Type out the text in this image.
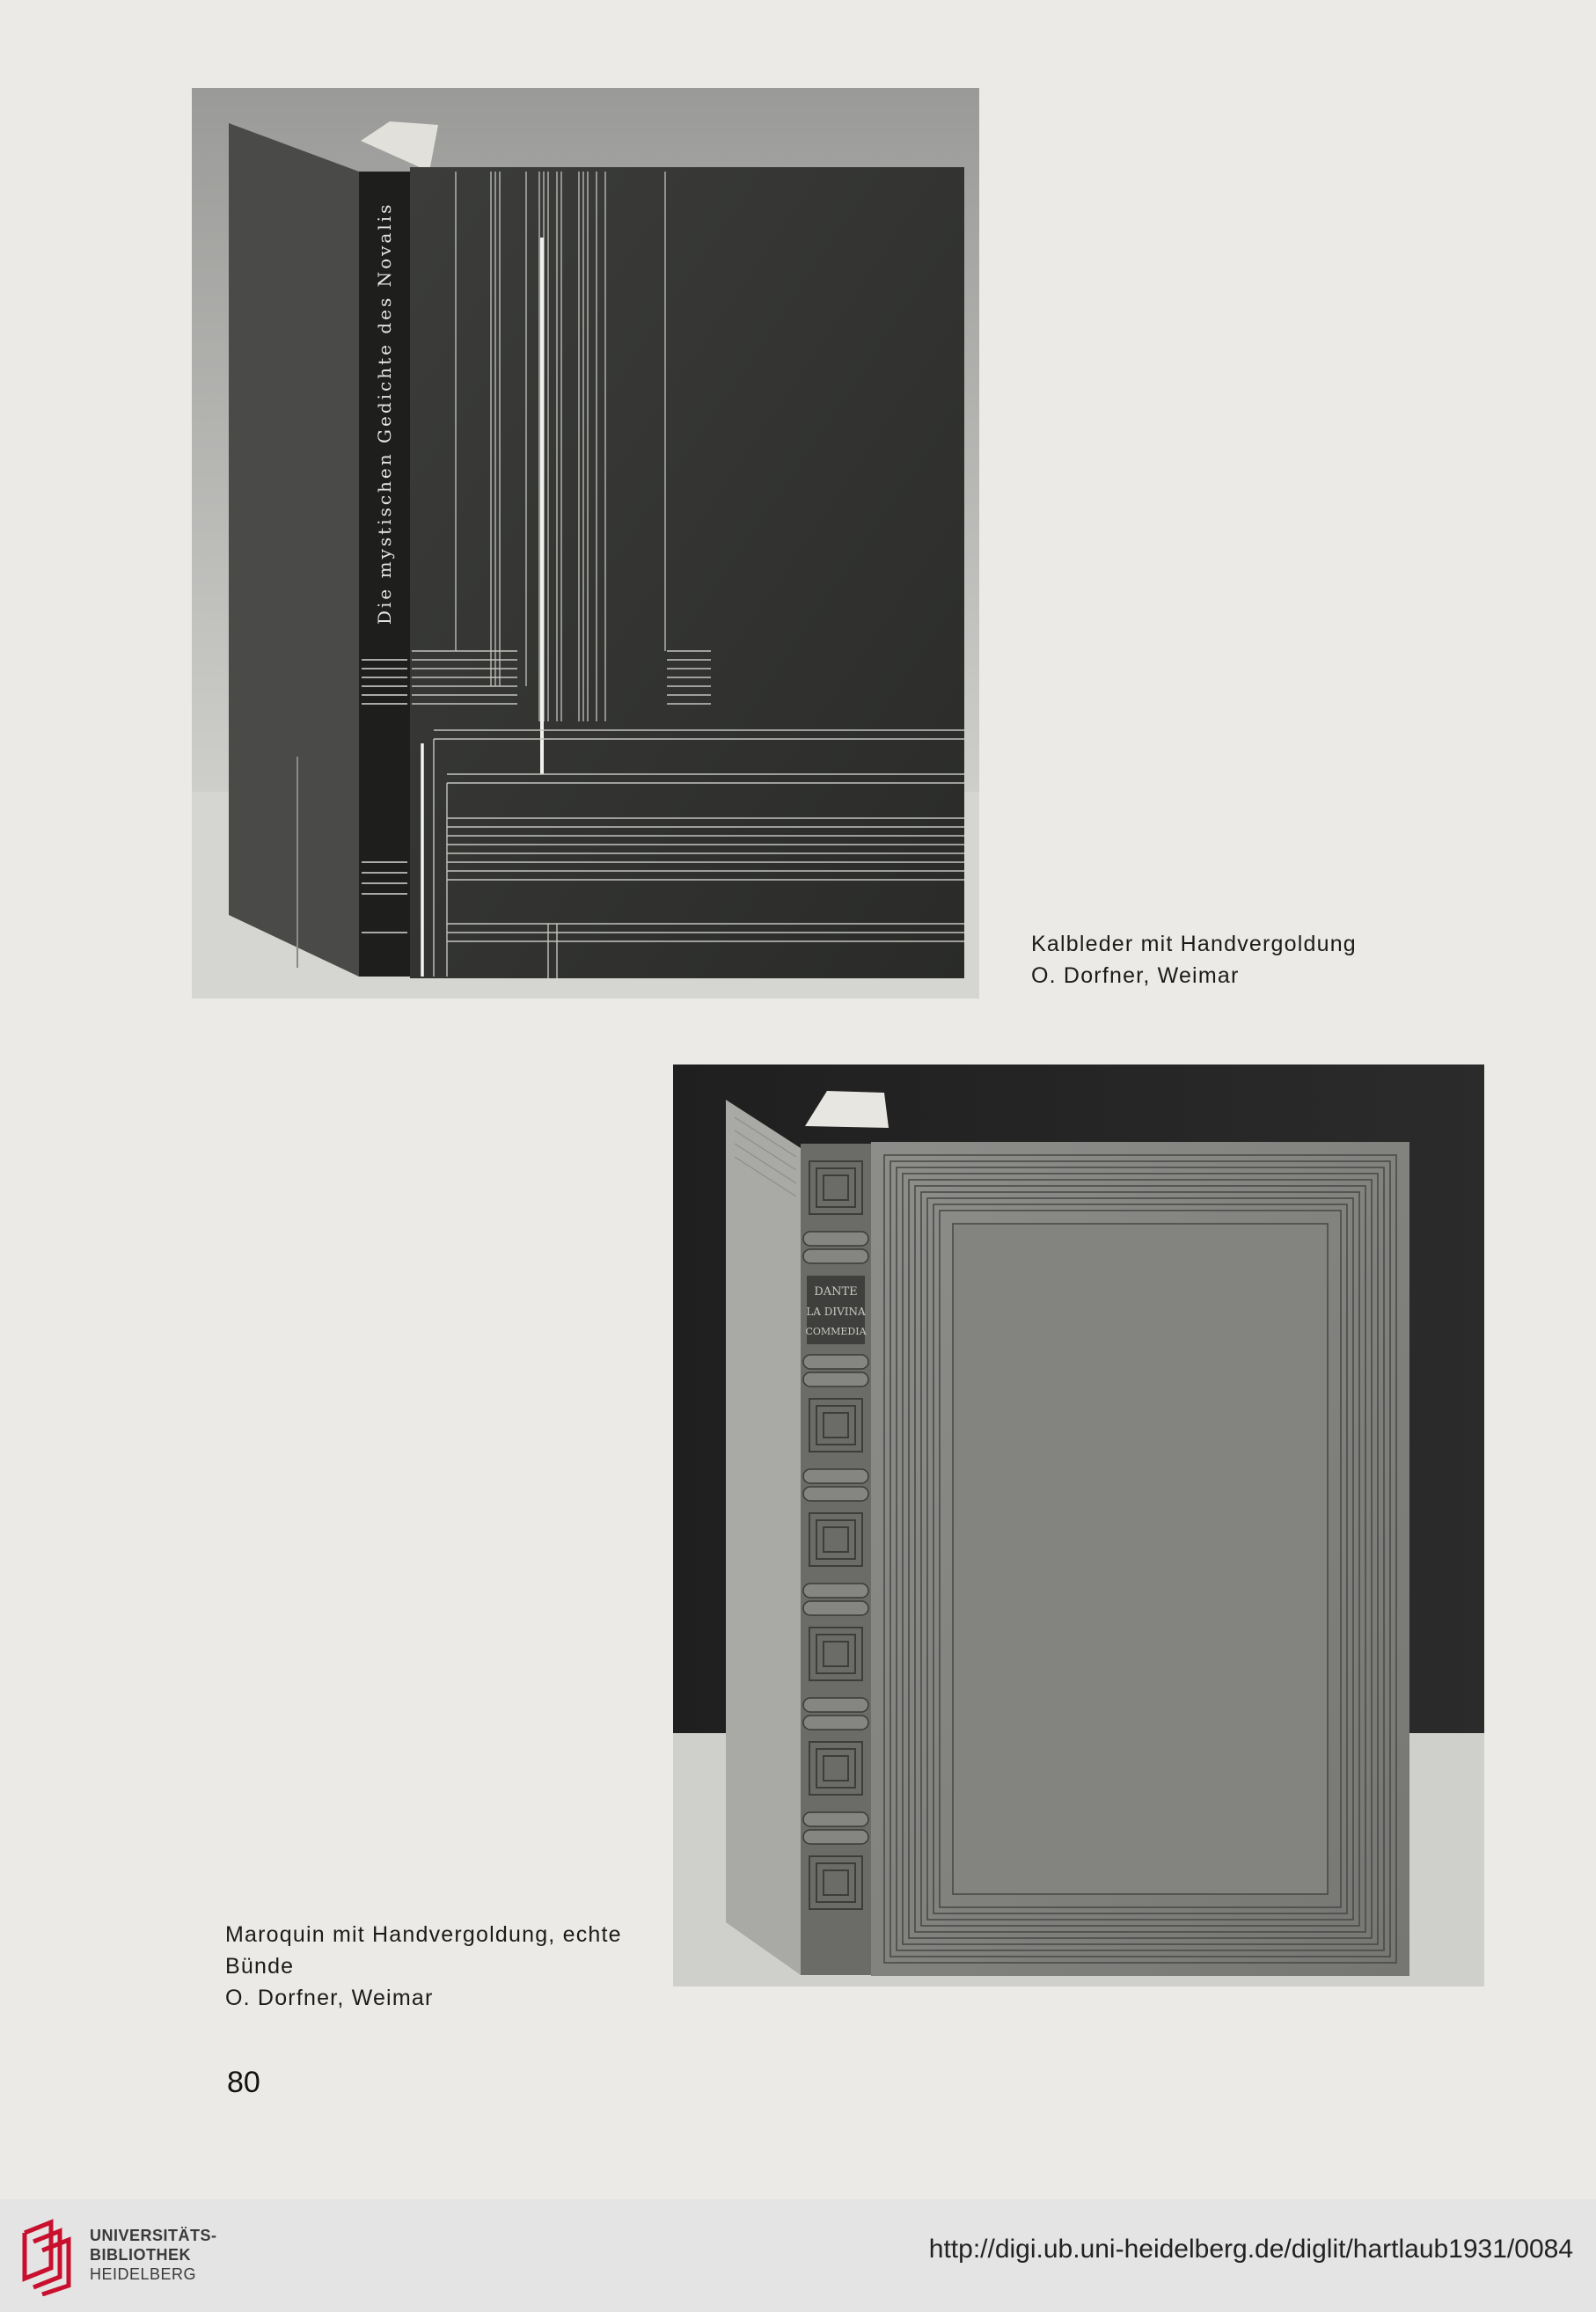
Die mystischen Gedichte des Novalis
Kalbleder mit Handvergoldung
O. Dorfner, Weimar
DANTE
LA DIVINA
COMMEDIA
Maroquin mit Handvergoldung, echte
Bünde
O. Dorfner, Weimar
80
UNIVERSITÄTS-
BIBLIOTHEK
HEIDELBERG
http://digi.ub.uni-heidelberg.de/diglit/hartlaub1931/0084
